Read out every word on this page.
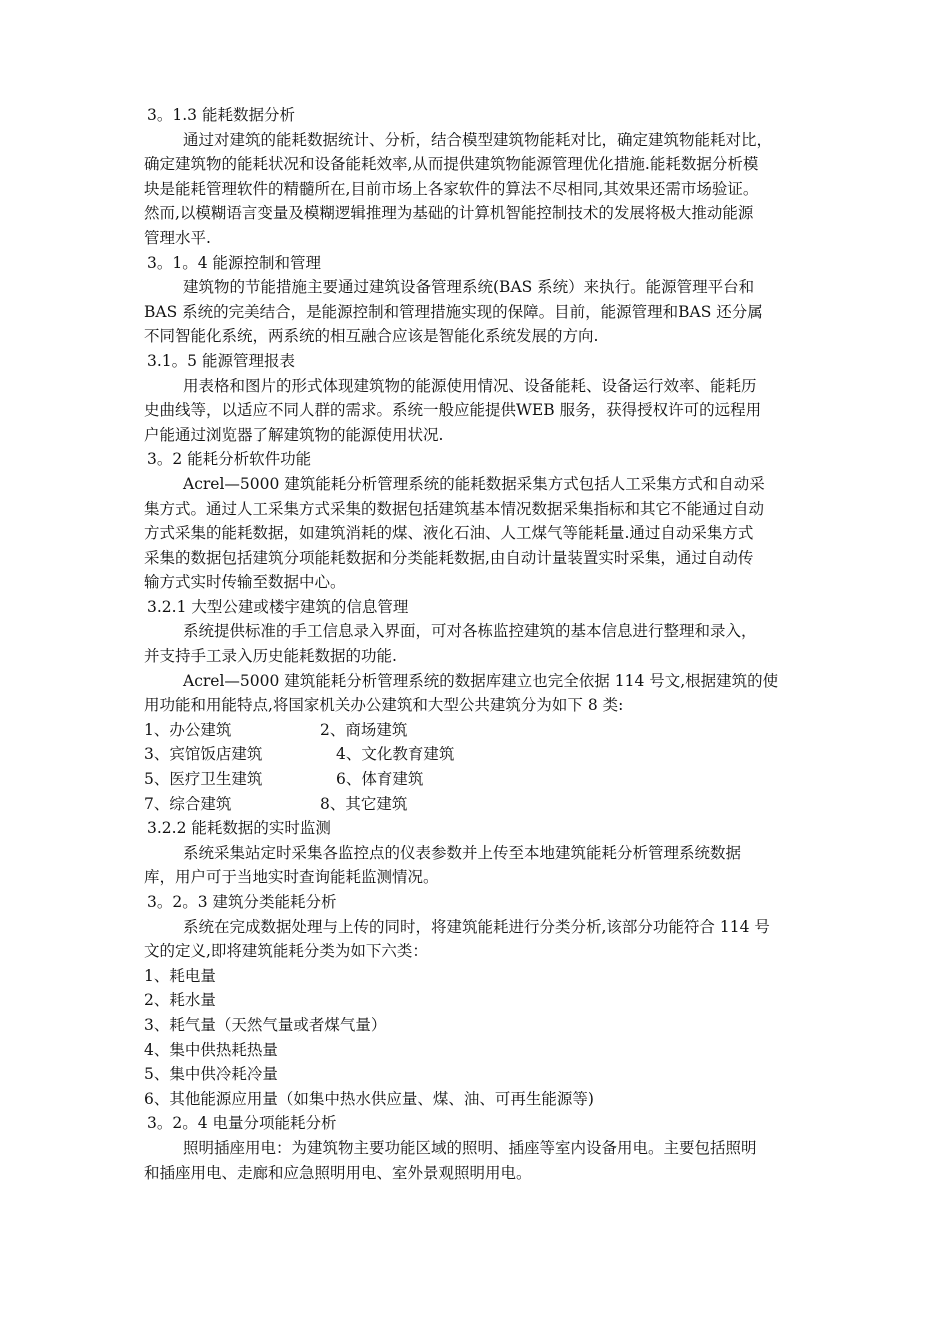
3。1.3 能耗数据分析
通过对建筑的能耗数据统计、分析，结合模型建筑物能耗对比，确定建筑物能耗对比，
确定建筑物的能耗状况和设备能耗效率,从而提供建筑物能源管理优化措施.能耗数据分析模
块是能耗管理软件的精髓所在,目前市场上各家软件的算法不尽相同,其效果还需市场验证。
然而,以模糊语言变量及模糊逻辑推理为基础的计算机智能控制技术的发展将极大推动能源
管理水平.
3。1。4 能源控制和管理
建筑物的节能措施主要通过建筑设备管理系统(BAS 系统）来执行。能源管理平台和
BAS 系统的完美结合，是能源控制和管理措施实现的保障。目前，能源管理和BAS 还分属
不同智能化系统，两系统的相互融合应该是智能化系统发展的方向.
3.1。5 能源管理报表
用表格和图片的形式体现建筑物的能源使用情况、设备能耗、设备运行效率、能耗历
史曲线等，以适应不同人群的需求。系统一般应能提供WEB 服务，获得授权许可的远程用
户能通过浏览器了解建筑物的能源使用状况.
3。2 能耗分析软件功能
Acrel—5000 建筑能耗分析管理系统的能耗数据采集方式包括人工采集方式和自动采
集方式。通过人工采集方式采集的数据包括建筑基本情况数据采集指标和其它不能通过自动
方式采集的能耗数据，如建筑消耗的煤、液化石油、人工煤气等能耗量.通过自动采集方式
采集的数据包括建筑分项能耗数据和分类能耗数据,由自动计量装置实时采集，通过自动传
输方式实时传输至数据中心。
3.2.1 大型公建或楼宇建筑的信息管理
系统提供标准的手工信息录入界面，可对各栋监控建筑的基本信息进行整理和录入，
并支持手工录入历史能耗数据的功能.
Acrel—5000 建筑能耗分析管理系统的数据库建立也完全依据 114 号文,根据建筑的使
用功能和用能特点,将国家机关办公建筑和大型公共建筑分为如下 8 类:
1、办公建筑	2、商场建筑
3、宾馆饭店建筑	4、文化教育建筑
5、医疗卫生建筑	6、体育建筑
7、综合建筑	8、其它建筑
3.2.2 能耗数据的实时监测
系统采集站定时采集各监控点的仪表参数并上传至本地建筑能耗分析管理系统数据
库，用户可于当地实时查询能耗监测情况。
3。2。3 建筑分类能耗分析
系统在完成数据处理与上传的同时，将建筑能耗进行分类分析,该部分功能符合 114 号
文的定义,即将建筑能耗分类为如下六类：
1、耗电量
2、耗水量
3、耗气量（天然气量或者煤气量）
4、集中供热耗热量
5、集中供冷耗冷量
6、其他能源应用量（如集中热水供应量、煤、油、可再生能源等)
3。2。4 电量分项能耗分析
照明插座用电：为建筑物主要功能区域的照明、插座等室内设备用电。主要包括照明
和插座用电、走廊和应急照明用电、室外景观照明用电。
